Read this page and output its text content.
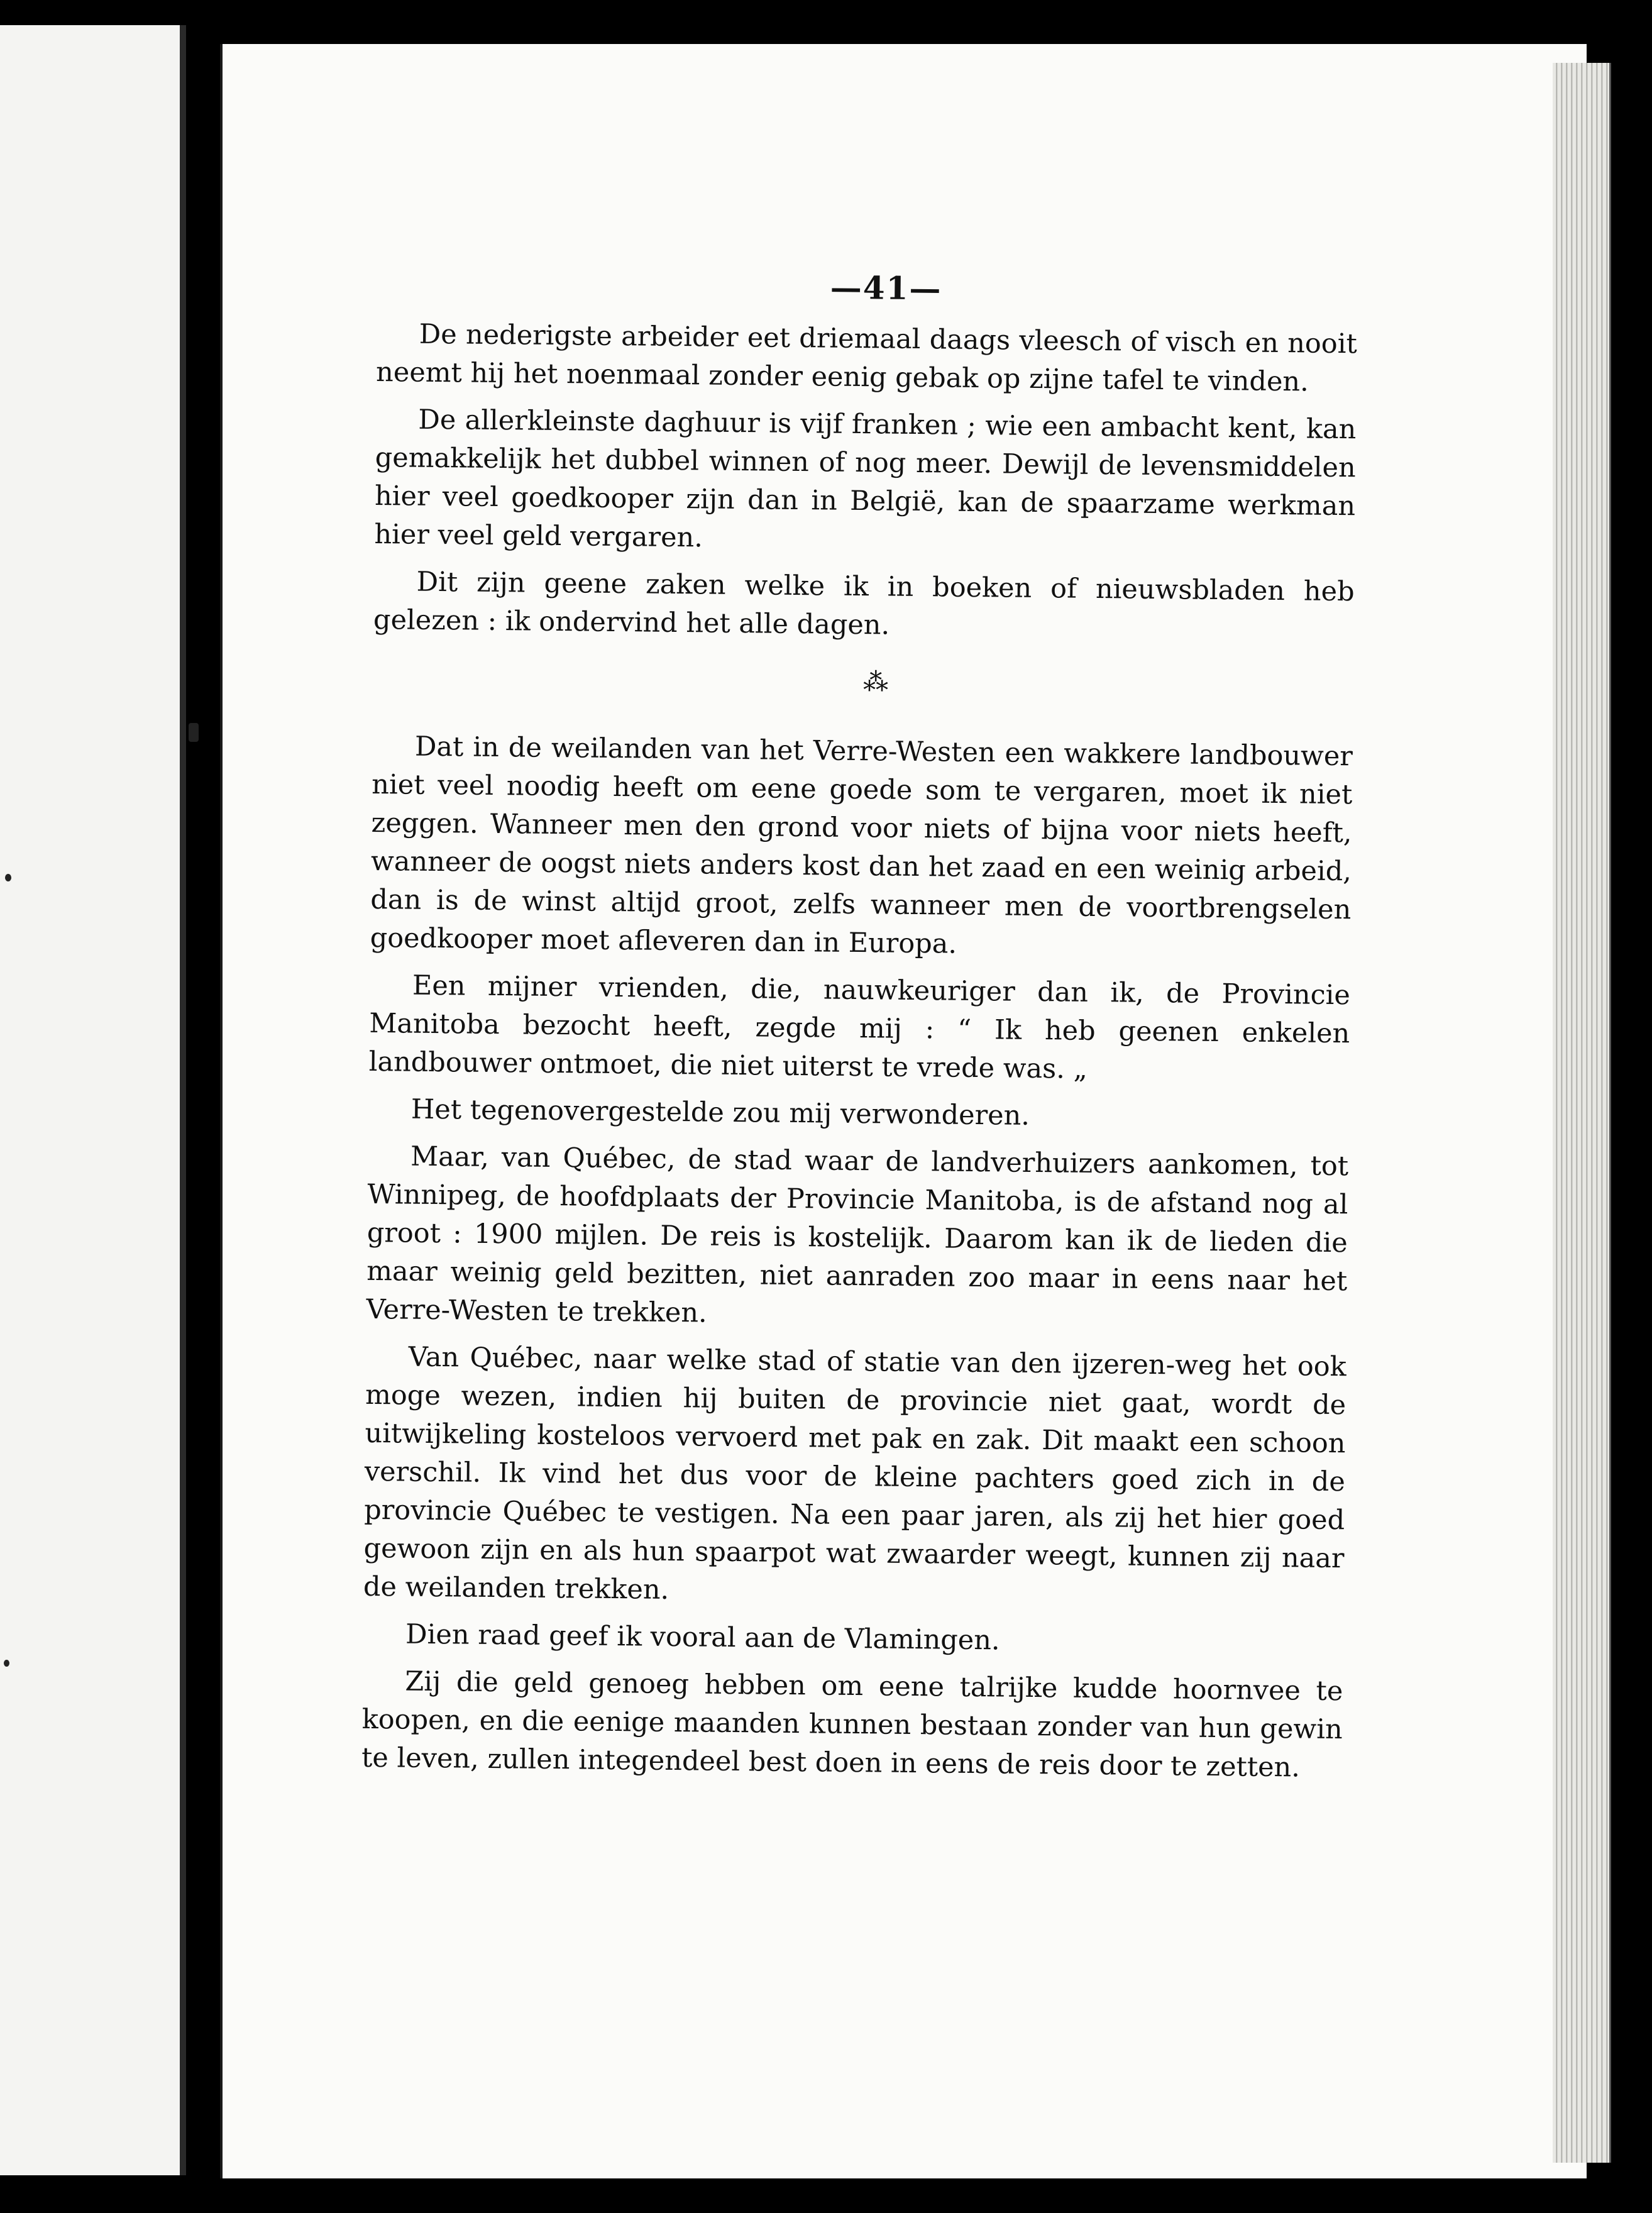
—41—

De nederigste arbeider eet driemaal daags vleesch of visch en nooit neemt hij het noenmaal zonder eenig gebak op zijne tafel te vinden.

De allerkleinste daghuur is vijf franken ; wie een ambacht kent, kan gemakkelijk het dubbel winnen of nog meer. Dewijl de levensmiddelen hier veel goedkooper zijn dan in België, kan de spaarzame werkman hier veel geld vergaren.

Dit zijn geene zaken welke ik in boeken of nieuwsbladen heb gelezen : ik ondervind het alle dagen.

⁂

Dat in de weilanden van het Verre-Westen een wakkere landbouwer niet veel noodig heeft om eene goede som te vergaren, moet ik niet zeggen. Wanneer men den grond voor niets of bijna voor niets heeft, wanneer de oogst niets anders kost dan het zaad en een weinig arbeid, dan is de winst altijd groot, zelfs wanneer men de voortbrengselen goedkooper moet afleveren dan in Europa.

Een mijner vrienden, die, nauwkeuriger dan ik, de Provincie Manitoba bezocht heeft, zegde mij : “ Ik heb geenen enkelen landbouwer ontmoet, die niet uiterst te vrede was. „

Het tegenovergestelde zou mij verwonderen.

Maar, van Québec, de stad waar de landverhuizers aankomen, tot Winnipeg, de hoofdplaats der Provincie Manitoba, is de afstand nog al groot : 1900 mijlen. De reis is kostelijk. Daarom kan ik de lieden die maar weinig geld bezitten, niet aanraden zoo maar in eens naar het Verre-Westen te trekken.

Van Québec, naar welke stad of statie van den ijzeren-weg het ook moge wezen, indien hij buiten de provincie niet gaat, wordt de uitwijkeling kosteloos vervoerd met pak en zak. Dit maakt een schoon verschil. Ik vind het dus voor de kleine pachters goed zich in de provincie Québec te vestigen. Na een paar jaren, als zij het hier goed gewoon zijn en als hun spaarpot wat zwaarder weegt, kunnen zij naar de weilanden trekken.

Dien raad geef ik vooral aan de Vlamingen.

Zij die geld genoeg hebben om eene talrijke kudde hoornvee te koopen, en die eenige maanden kunnen bestaan zonder van hun gewin te leven, zullen integendeel best doen in eens de reis door te zetten.
